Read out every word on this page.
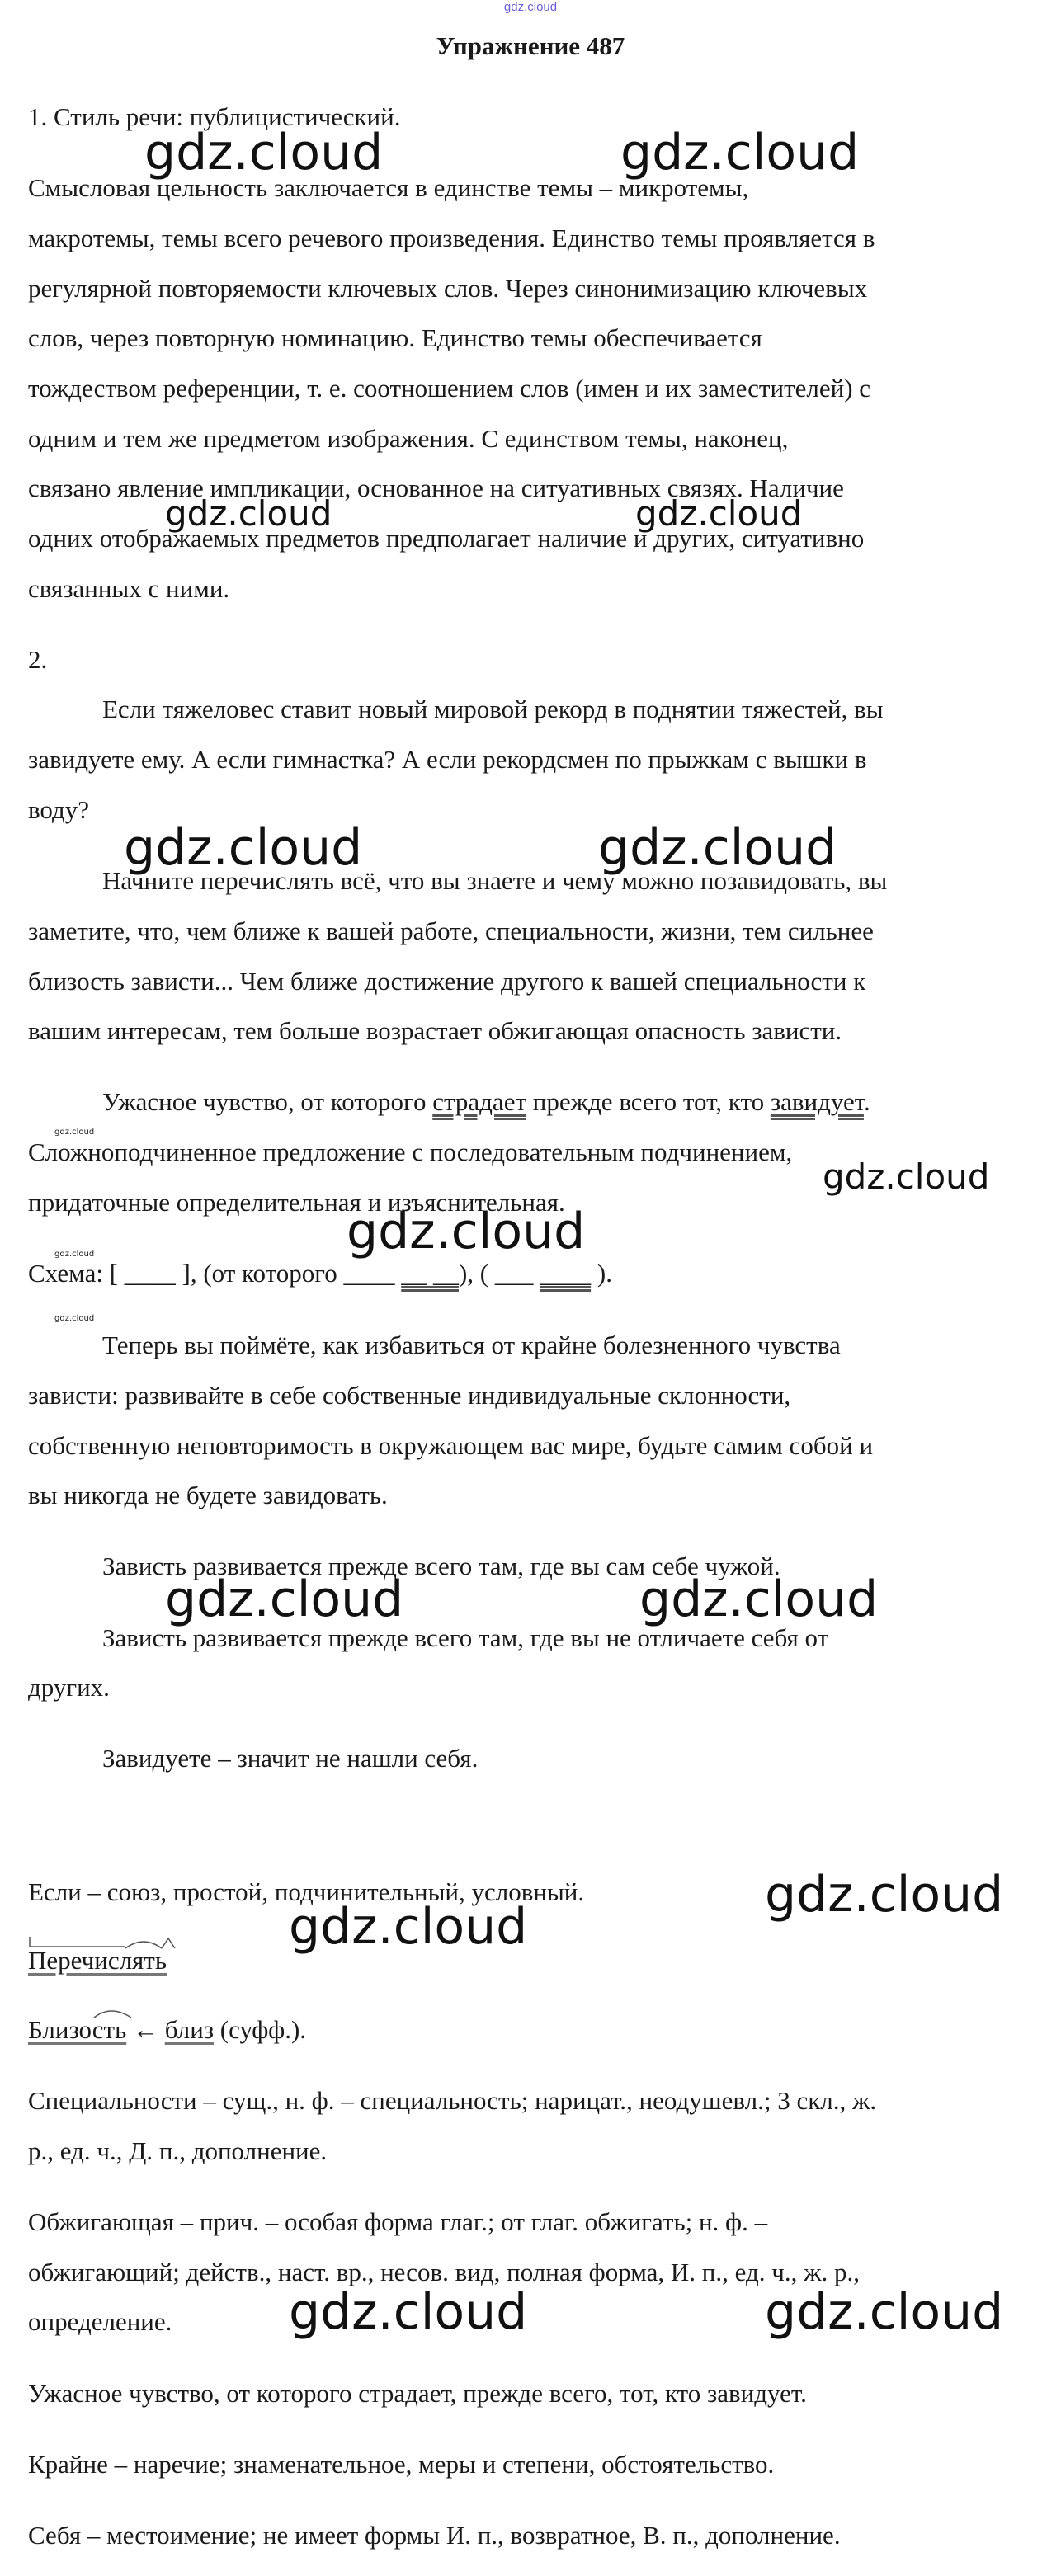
gdz.cloud
Упражнение 487
1. Стиль речи: публицистический.
Смысловая цельность заключается в единстве темы – микротемы,
макротемы, темы всего речевого произведения. Единство темы проявляется в
регулярной повторяемости ключевых слов. Через синонимизацию ключевых
слов, через повторную номинацию. Единство темы обеспечивается
тождеством референции, т. е. соотношением слов (имен и их заместителей) с
одним и тем же предметом изображения. С единством темы, наконец,
связано явление импликации, основанное на ситуативных связях. Наличие
одних отображаемых предметов предполагает наличие и других, ситуативно
связанных с ними.
2.
Если тяжеловес ставит новый мировой рекорд в поднятии тяжестей, вы
завидуете ему. А если гимнастка? А если рекордсмен по прыжкам с вышки в
воду?
Начните перечислять всё, что вы знаете и чему можно позавидовать, вы
заметите, что, чем ближе к вашей работе, специальности, жизни, тем сильнее
близость зависти... Чем ближе достижение другого к вашей специальности к
вашим интересам, тем больше возрастает обжигающая опасность зависти.
Ужасное чувство, от которого страдает прежде всего тот, кто завидует.
Сложноподчиненное предложение с последовательным подчинением,
придаточные определительная и изъяснительная.
Схема: [ ____ ], (от которого ____ __ __), ( ___ ____ ).
Теперь вы поймёте, как избавиться от крайне болезненного чувства
зависти: развивайте в себе собственные индивидуальные склонности,
собственную неповторимость в окружающем вас мире, будьте самим собой и
вы никогда не будете завидовать.
Зависть развивается прежде всего там, где вы сам себе чужой.
Зависть развивается прежде всего там, где вы не отличаете себя от
других.
Завидуете – значит не нашли себя.
Если – союз, простой, подчинительный, условный.
Перечислять
Близость ← близ (суфф.).
Специальности – сущ., н. ф. – специальность; нарицат., неодушевл.; 3 скл., ж.
р., ед. ч., Д. п., дополнение.
Обжигающая – прич. – особая форма глаг.; от глаг. обжигать; н. ф. –
обжигающий; действ., наст. вр., несов. вид, полная форма, И. п., ед. ч., ж. р.,
определение.
Ужасное чувство, от которого страдает, прежде всего, тот, кто завидует.
Крайне – наречие; знаменательное, меры и степени, обстоятельство.
Себя – местоимение; не имеет формы И. п., возвратное, В. п., дополнение.
gdz.cloud	gdz.cloud
gdz.cloud	gdz.cloud
gdz.cloud	gdz.cloud
gdz.cloud
gdz.cloud
gdz.cloud	gdz.cloud
gdz.cloud
gdz.cloud
gdz.cloud	gdz.cloud
gdz.cloud
gdz.cloud
gdz.cloud
